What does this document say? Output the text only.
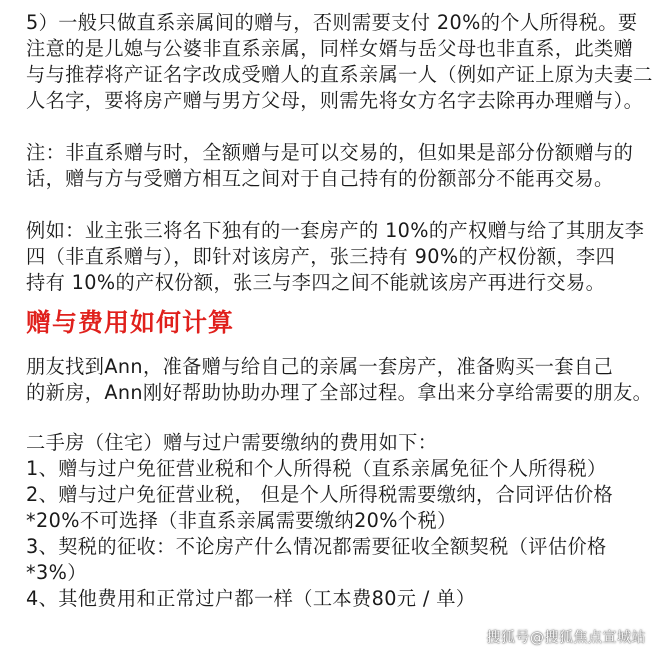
5）一般只做直系亲属间的赠与，否则需要支付 20%的个人所得税。要
注意的是儿媳与公婆非直系亲属，同样女婿与岳父母也非直系，此类赠
与与推荐将产证名字改成受赠人的直系亲属一人（例如产证上原为夫妻二
人名字，要将房产赠与男方父母，则需先将女方名字去除再办理赠与）。

注：非直系赠与时，全额赠与是可以交易的，但如果是部分份额赠与的
话，赠与方与受赠方相互之间对于自己持有的份额部分不能再交易。

例如：业主张三将名下独有的一套房产的 10%的产权赠与给了其朋友李
四（非直系赠与），即针对该房产，张三持有 90%的产权份额，李四
持有 10%的产权份额，张三与李四之间不能就该房产再进行交易。

赠与费用如何计算

朋友找到Ann，准备赠与给自己的亲属一套房产，准备购买一套自己
的新房，Ann刚好帮助协助办理了全部过程。拿出来分享给需要的朋友。

二手房（住宅）赠与过户需要缴纳的费用如下：
1、赠与过户免征营业税和个人所得税（直系亲属免征个人所得税）
2、赠与过户免征营业税， 但是个人所得税需要缴纳，合同评估价格
*20%不可选择（非直系亲属需要缴纳20%个税）
3、契税的征收：不论房产什么情况都需要征收全额契税（评估价格
*3%）
4、其他费用和正常过户都一样（工本费80元 / 单）

搜狐号@搜狐焦点宣城站
